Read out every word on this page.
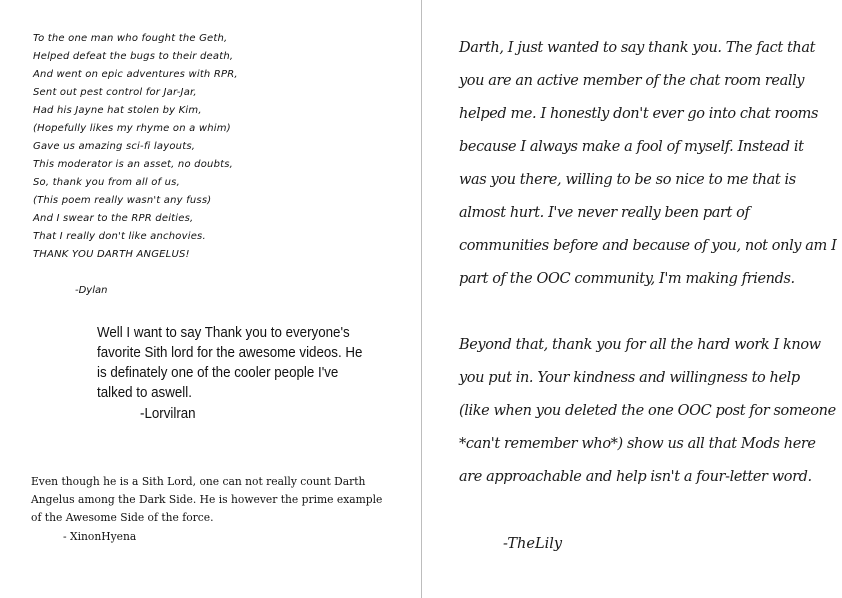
To the one man who fought the Geth,
Helped defeat the bugs to their death,
And went on epic adventures with RPR,
Sent out pest control for Jar-Jar,
Had his Jayne hat stolen by Kim,
(Hopefully likes my rhyme on a whim)
Gave us amazing sci-fi layouts,
This moderator is an asset, no doubts,
So, thank you from all of us,
(This poem really wasn't any fuss)
And I swear to the RPR deities,
That I really don't like anchovies.
THANK YOU DARTH ANGELUS!
-Dylan
Well I want to say Thank you to everyone's
favorite Sith lord for the awesome videos. He
is definately one of the cooler people I've
talked to aswell.
-Lorvilran
Even though he is a Sith Lord, one can not really count Darth
Angelus among the Dark Side. He is however the prime example
of the Awesome Side of the force.
- XinonHyena
Darth, I just wanted to say thank you. The fact that
you are an active member of the chat room really
helped me. I honestly don't ever go into chat rooms
because I always make a fool of myself. Instead it
was you there, willing to be so nice to me that is
almost hurt. I've never really been part of
communities before and because of you, not only am I
part of the OOC community, I'm making friends.
Beyond that, thank you for all the hard work I know
you put in. Your kindness and willingness to help
(like when you deleted the one OOC post for someone
*can't remember who*) show us all that Mods here
are approachable and help isn't a four-letter word.
-TheLily
